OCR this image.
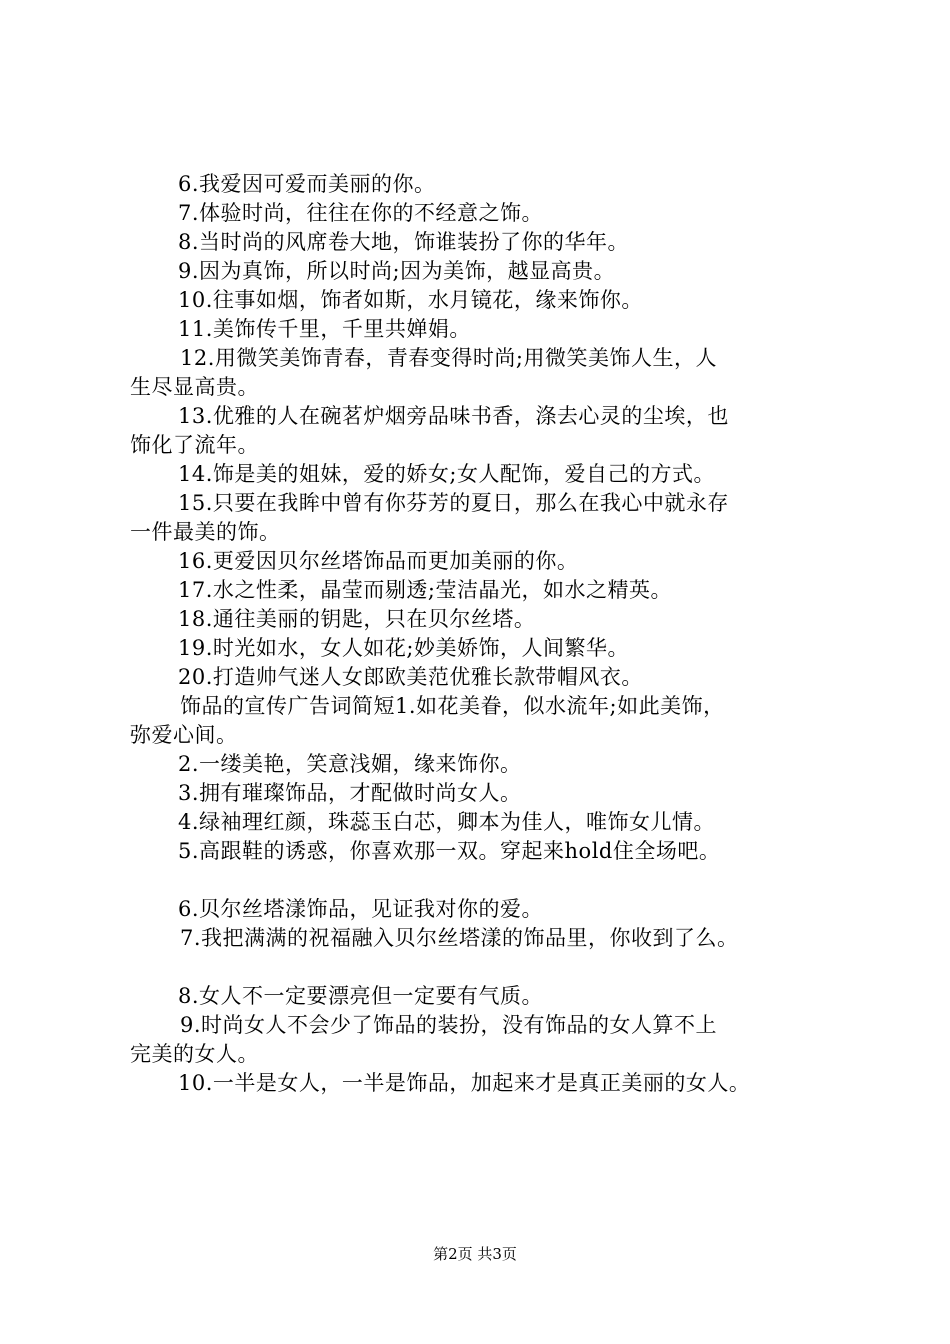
6.我爱因可爱而美丽的你。
7.体验时尚，往往在你的不经意之饰。
8.当时尚的风席卷大地，饰谁装扮了你的华年。
9.因为真饰，所以时尚;因为美饰，越显高贵。
10.往事如烟，饰者如斯，水月镜花，缘来饰你。
11.美饰传千里，千里共婵娟。
12.用微笑美饰青春，青春变得时尚;用微笑美饰人生，人
生尽显高贵。
13.优雅的人在碗茗炉烟旁品味书香，涤去心灵的尘埃，也
饰化了流年。
14.饰是美的姐妹，爱的娇女;女人配饰，爱自己的方式。
15.只要在我眸中曾有你芬芳的夏日，那么在我心中就永存
一件最美的饰。
16.更爱因贝尔丝塔饰品而更加美丽的你。
17.水之性柔，晶莹而剔透;莹洁晶光，如水之精英。
18.通往美丽的钥匙，只在贝尔丝塔。
19.时光如水，女人如花;妙美娇饰，人间繁华。
20.打造帅气迷人女郎欧美范优雅长款带帽风衣。
饰品的宣传广告词简短1.如花美眷，似水流年;如此美饰，
弥爱心间。
2.一缕美艳，笑意浅媚，缘来饰你。
3.拥有璀璨饰品，才配做时尚女人。
4.绿袖理红颜，珠蕊玉白芯，卿本为佳人，唯饰女儿情。
5.高跟鞋的诱惑，你喜欢那一双。穿起来hold住全场吧。
6.贝尔丝塔漾饰品，见证我对你的爱。
7.我把满满的祝福融入贝尔丝塔漾的饰品里，你收到了么。
8.女人不一定要漂亮但一定要有气质。
9.时尚女人不会少了饰品的装扮，没有饰品的女人算不上
完美的女人。
10.一半是女人，一半是饰品，加起来才是真正美丽的女人。
第2页 共3页
